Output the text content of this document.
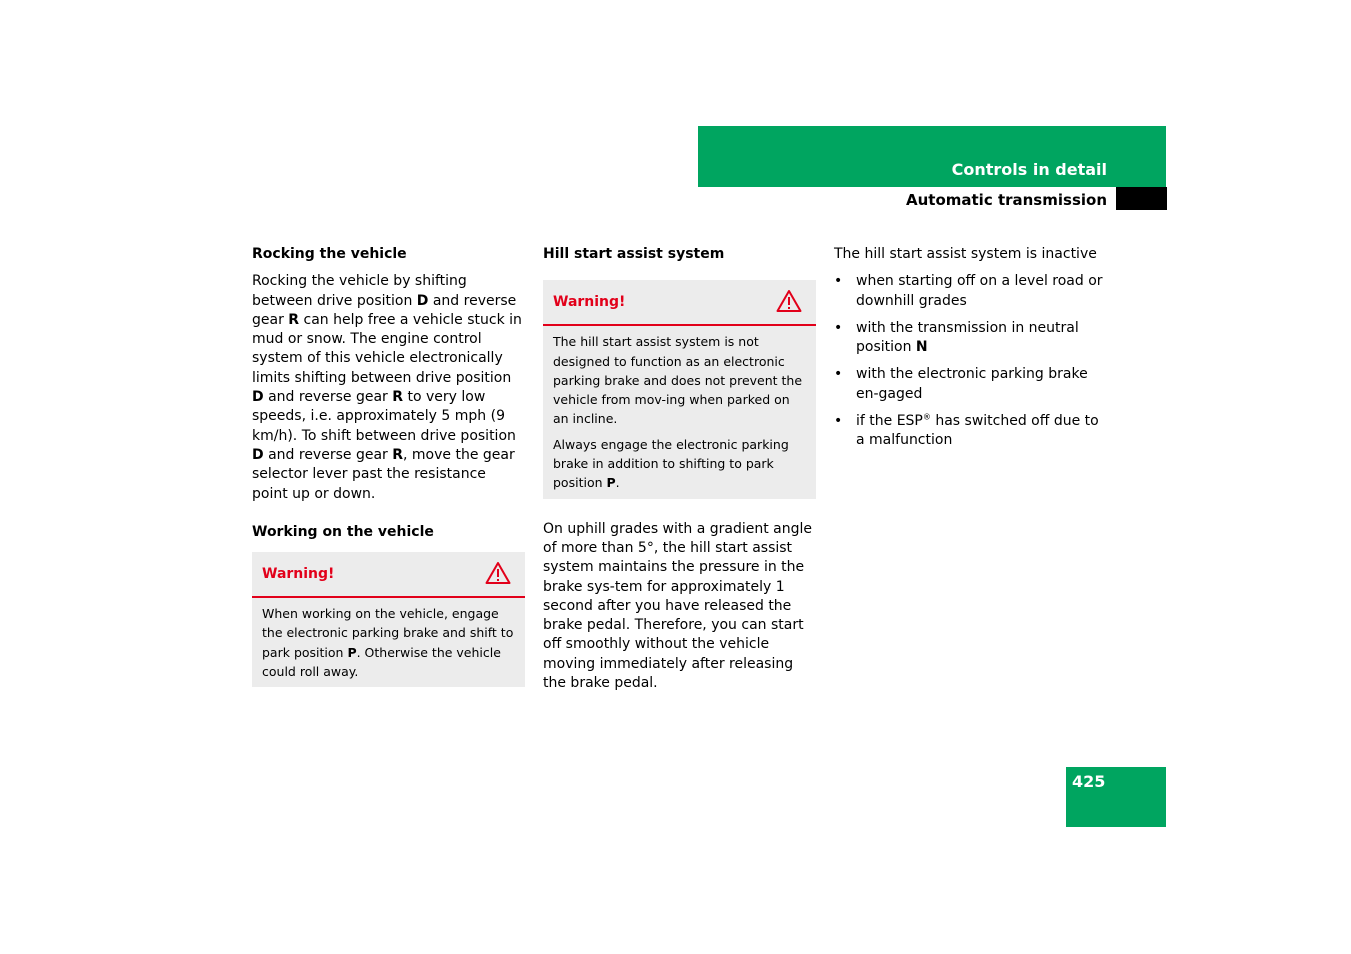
Controls in detail
Automatic transmission
425

Rocking the vehicle

Rocking the vehicle by shifting between drive position D and reverse gear R can help free a vehicle stuck in mud or snow. The engine control system of this vehicle electronically limits shifting between drive position D and reverse gear R to very low speeds, i.e. approximately 5 mph (9 km/h). To shift between drive position D and reverse gear R, move the gear selector lever past the resistance point up or down.

Working on the vehicle

Warning!

When working on the vehicle, engage the electronic parking brake and shift to park position P. Otherwise the vehicle could roll away.

Hill start assist system

Warning!

The hill start assist system is not designed to function as an electronic parking brake and does not prevent the vehicle from mov-ing when parked on an incline.

Always engage the electronic parking brake in addition to shifting to park position P.

On uphill grades with a gradient angle of more than 5°, the hill start assist system maintains the pressure in the brake sys-tem for approximately 1 second after you have released the brake pedal. Therefore, you can start off smoothly without the vehicle moving immediately after releasing the brake pedal.

The hill start assist system is inactive

• when starting off on a level road or downhill grades
• with the transmission in neutral position N
• with the electronic parking brake en-gaged
• if the ESP® has switched off due to a malfunction
